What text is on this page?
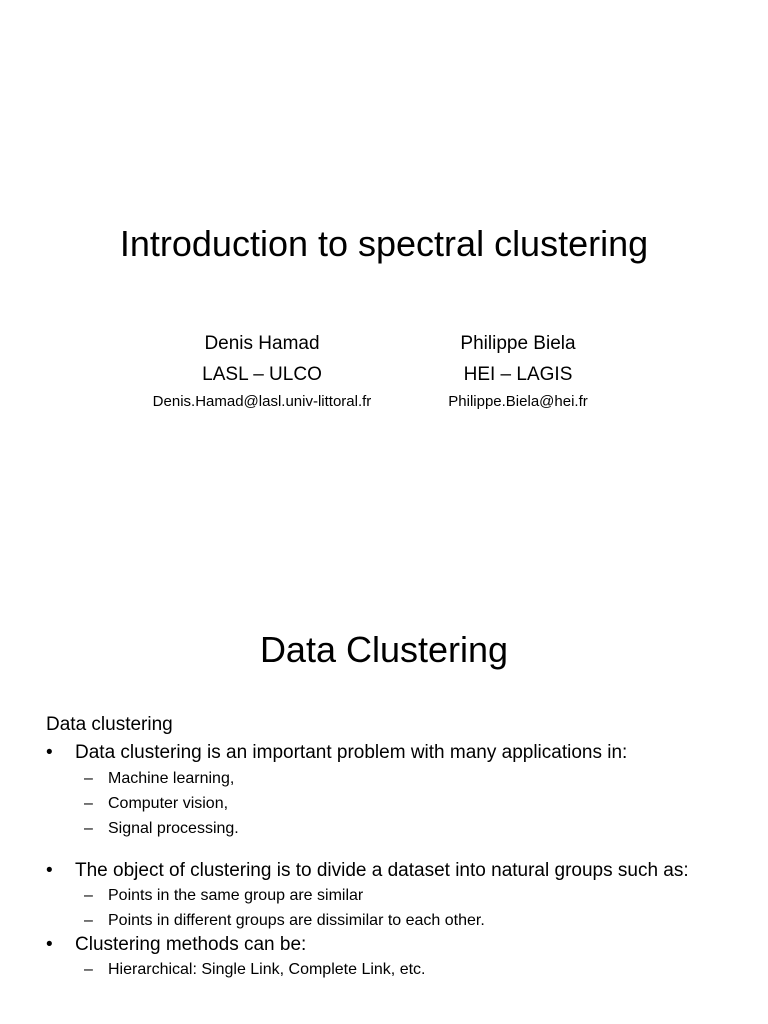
Introduction to spectral clustering
Denis Hamad
LASL – ULCO
Denis.Hamad@lasl.univ-littoral.fr
Philippe Biela
HEI – LAGIS
Philippe.Biela@hei.fr
Data Clustering
Data clustering
• Data clustering is an important problem with many applications in:
– Machine learning,
– Computer vision,
– Signal processing.
• The object of clustering is to divide a dataset into natural groups such as:
– Points in the same group are similar
– Points in different groups are dissimilar to each other.
• Clustering methods can be:
– Hierarchical: Single Link, Complete Link, etc.
